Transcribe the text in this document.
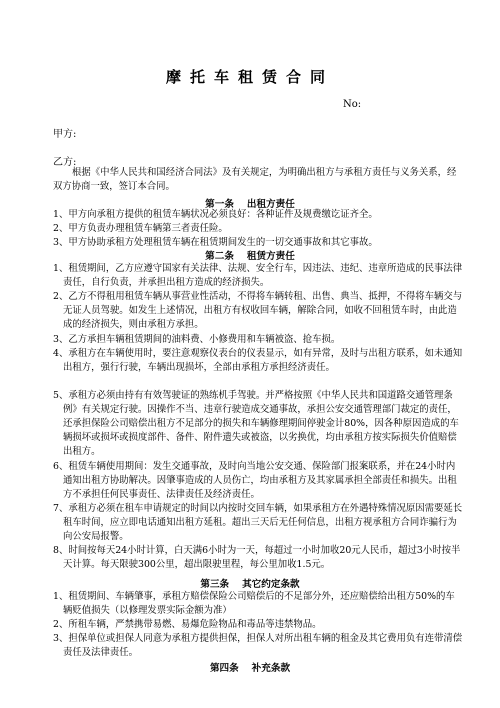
摩托车租赁合同
No:
甲方:
乙方:
根据《中华人民共和国经济合同法》及有关规定，为明确出租方与承租方责任与义务关系，经双方协商一致，签订本合同。
第一条　 出租方责任
1、甲方向承租方提供的租赁车辆状况必须良好：各种证件及规费缴讫证齐全。
2、甲方负责办理租赁车辆第三者责任险。
3、甲方协助承租方处理租赁车辆在租赁期间发生的一切交通事故和其它事故。
第二条　 租赁方责任
1、租赁期间，乙方应遵守国家有关法律、法规、安全行车，因违法、违纪、违章所造成的民事法律责任，自行负责，并承担出租方造成的经济损失。
2、乙方不得租用租赁车辆从事营业性活动，不得将车辆转租、出售、典当、抵押，不得将车辆交与无证人员驾驶。如发生上述情况，出租方有权收回车辆，解除合同，如收不回租赁车时，由此造成的经济损失，则由承租方承担。
3、乙方承担车辆租赁期间的油料费、小修费用和车辆被盗、抢车损。
4、承租方在车辆使用时，要注意观察仪表台的仪表显示，如有异常，及时与出租方联系，如未通知出租方，强行行驶，车辆出现损坏，全部由承租方承担经济责任。
5、承租方必须由持有有效驾驶证的熟练机手驾驶。并严格按照《中华人民共和国道路交通管理条例》有关规定行驶。因操作不当、违章行驶造成交通事故，承担公安交通管理部门裁定的责任，还承担保险公司赔偿出租方不足部分的损失和车辆修理期间停驶金计80%，因各种原因造成的车辆损坏或损坏或损度部件、备件、附件遗失或被盗，以劣换优，均由承租方按实际损失价值赔偿出租方。
6、租赁车辆使用期间：发生交通事故，及时向当地公安交通、保险部门报案联系，并在24小时内通知出租方协助解决。因肇事造成的人员伤亡，均由承租方及其家属承担全部责任和损失。出租方不承担任何民事责任、法律责任及经济责任。
7、承租方必须在租车申请规定的时间以内按时交回车辆，如果承租方在外遇特殊情况原因需要延长租车时间，应立即电话通知出租方延租。超出三天后无任何信息，出租方视承租方合同诈骗行为向公安局报警。
8、时间按每天24小时计算，白天满6小时为一天，每超过一小时加收20元人民币，超过3小时按半天计算。每天限驶300公里，超出限驶里程，每公里加收1.5元。
第三条　 其它约定条款
1、租赁期间、车辆肇事，承租方赔偿保险公司赔偿后的不足部分外，还应赔偿给出租方50%的车辆贬值损失（以修理发票实际金额为准）
2、所租车辆，严禁携带易燃、易爆危险物品和毒品等违禁物品。
3、担保单位或担保人同意为承租方提供担保，担保人对所出租车辆的租金及其它费用负有连带清偿责任及法律责任。
第四条　 补充条款
